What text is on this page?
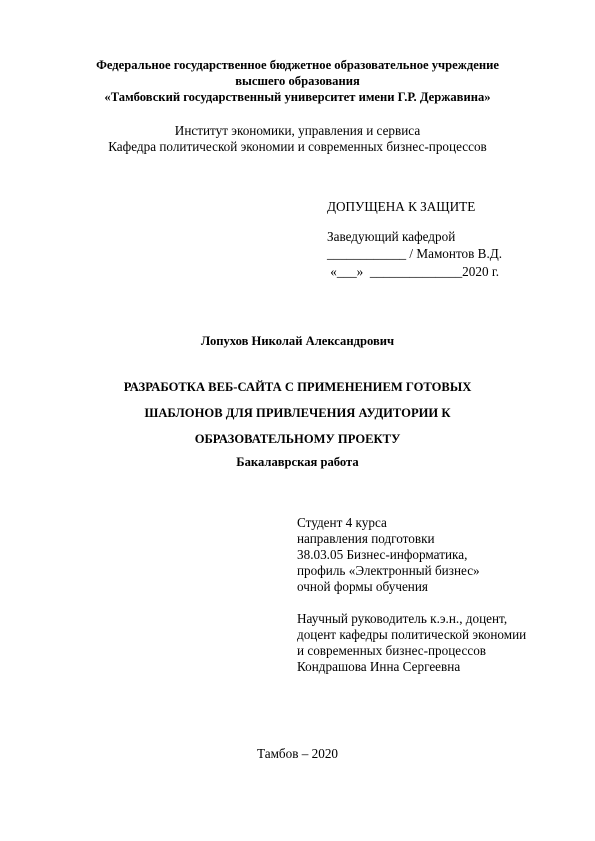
Федеральное государственное бюджетное образовательное учреждение
высшего образования
«Тамбовский государственный университет имени Г.Р. Державина»
Институт экономики, управления и сервиса
Кафедра политической экономии и современных бизнес-процессов
ДОПУЩЕНА К ЗАЩИТЕ
Заведующий кафедрой
____________ / Мамонтов В.Д.
«___»  ______________2020 г.
Лопухов Николай Александрович
РАЗРАБОТКА ВЕБ-САЙТА С ПРИМЕНЕНИЕМ ГОТОВЫХ
ШАБЛОНОВ ДЛЯ ПРИВЛЕЧЕНИЯ АУДИТОРИИ К
ОБРАЗОВАТЕЛЬНОМУ ПРОЕКТУ
Бакалаврская работа
Студент 4 курса
направления подготовки
38.03.05 Бизнес-информатика,
профиль «Электронный бизнес»
очной формы обучения
Научный руководитель к.э.н., доцент,
доцент кафедры политической экономии
и современных бизнес-процессов
Кондрашова Инна Сергеевна
Тамбов – 2020
